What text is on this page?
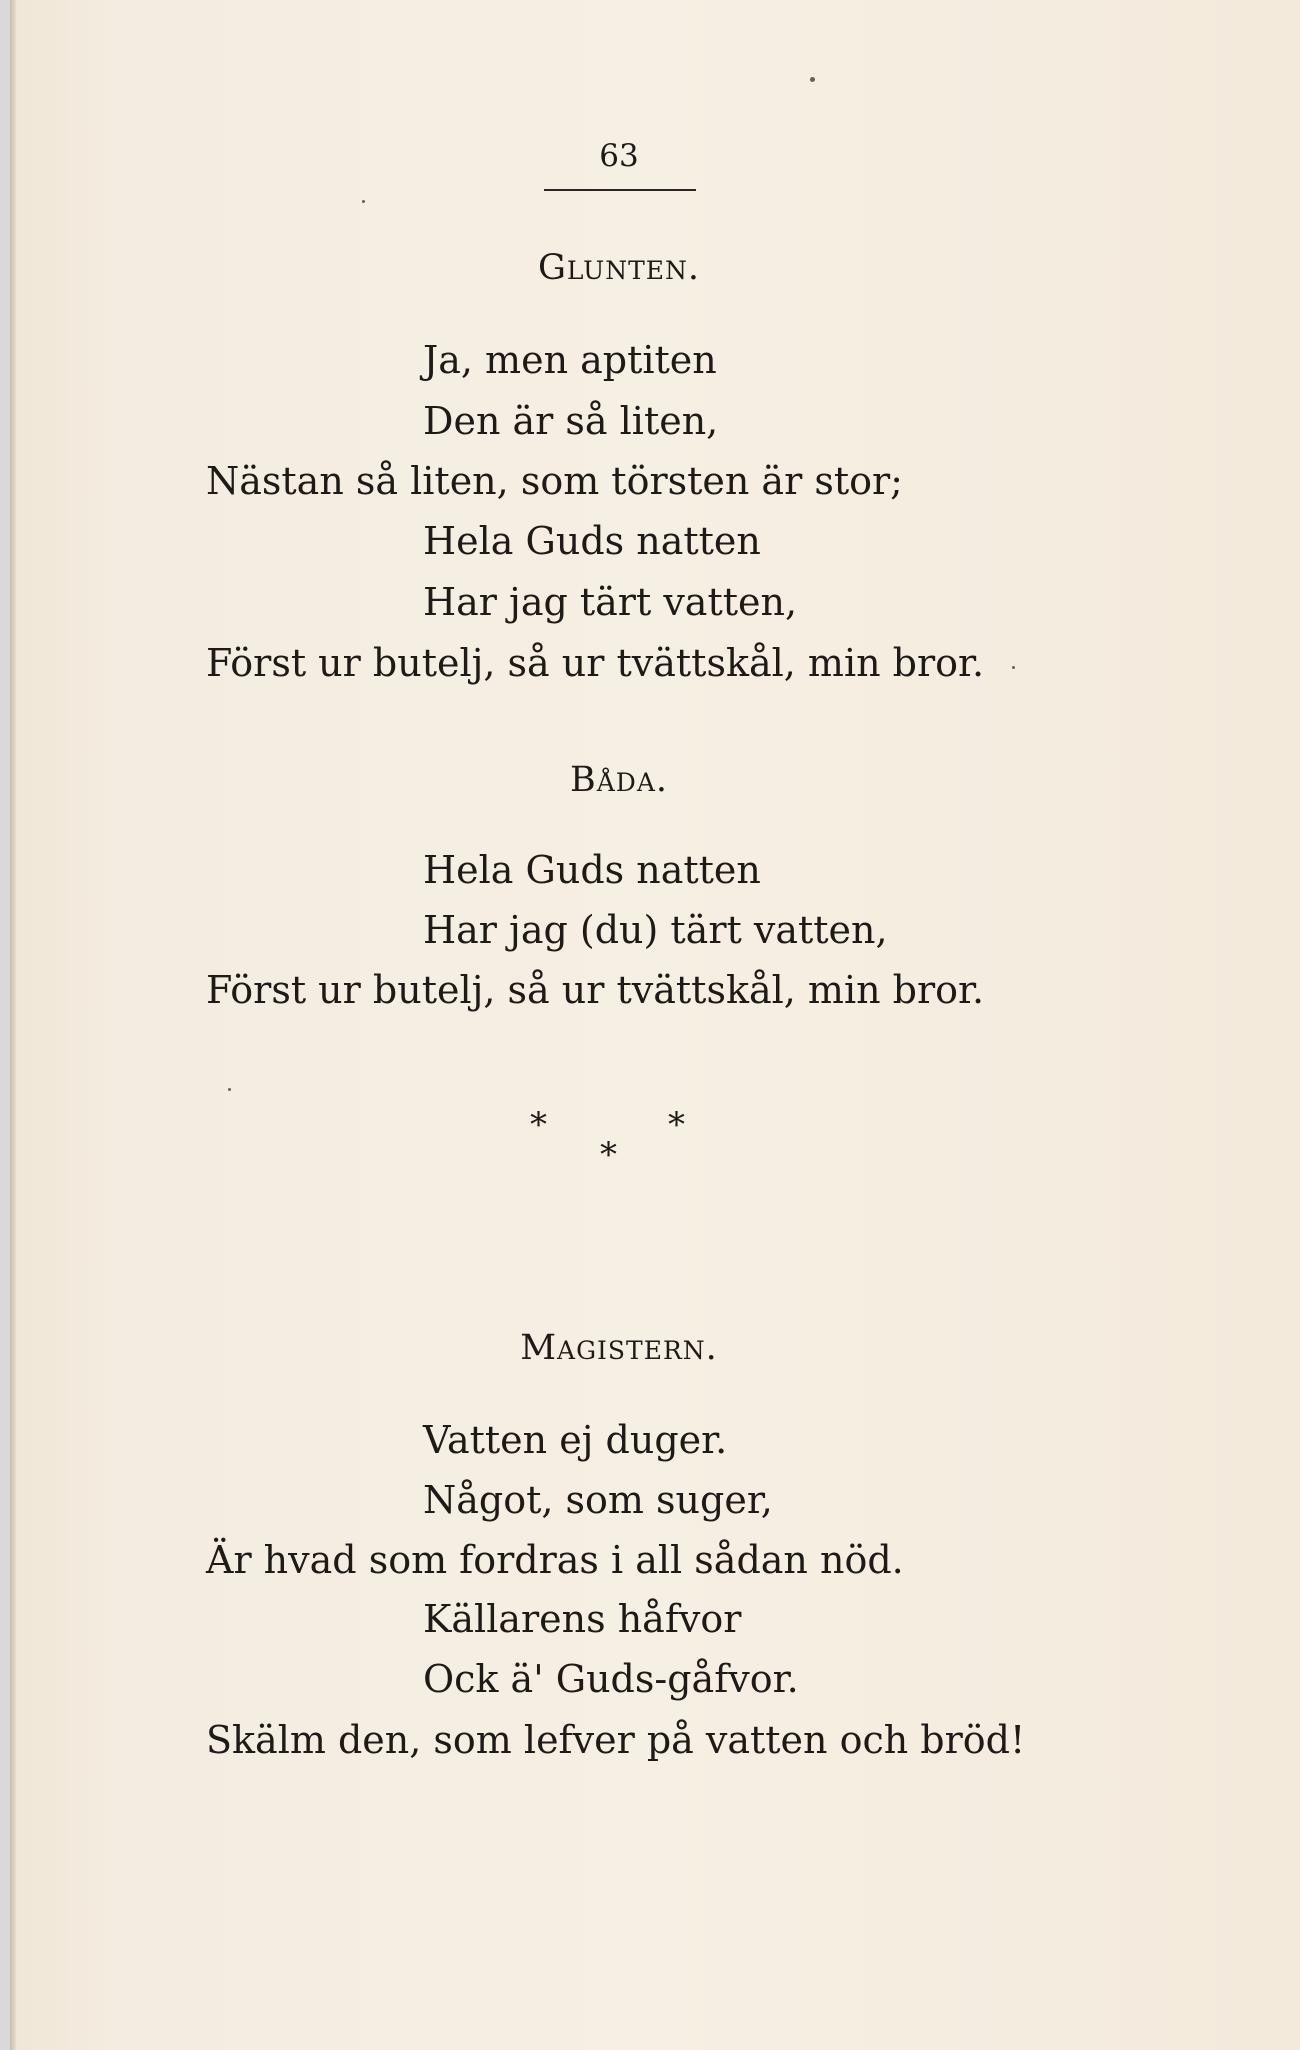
63
Glunten.
Ja, men aptiten
Den är så liten,
Nästan så liten, som törsten är stor;
Hela Guds natten
Har jag tärt vatten,
Först ur butelj, så ur tvättskål, min bror.
Båda.
Hela Guds natten
Har jag (du) tärt vatten,
Först ur butelj, så ur tvättskål, min bror.
*	*
*
Magistern.
Vatten ej duger.
Något, som suger,
Är hvad som fordras i all sådan nöd.
Källarens håfvor
Ock ä' Guds-gåfvor.
Skälm den, som lefver på vatten och bröd!
